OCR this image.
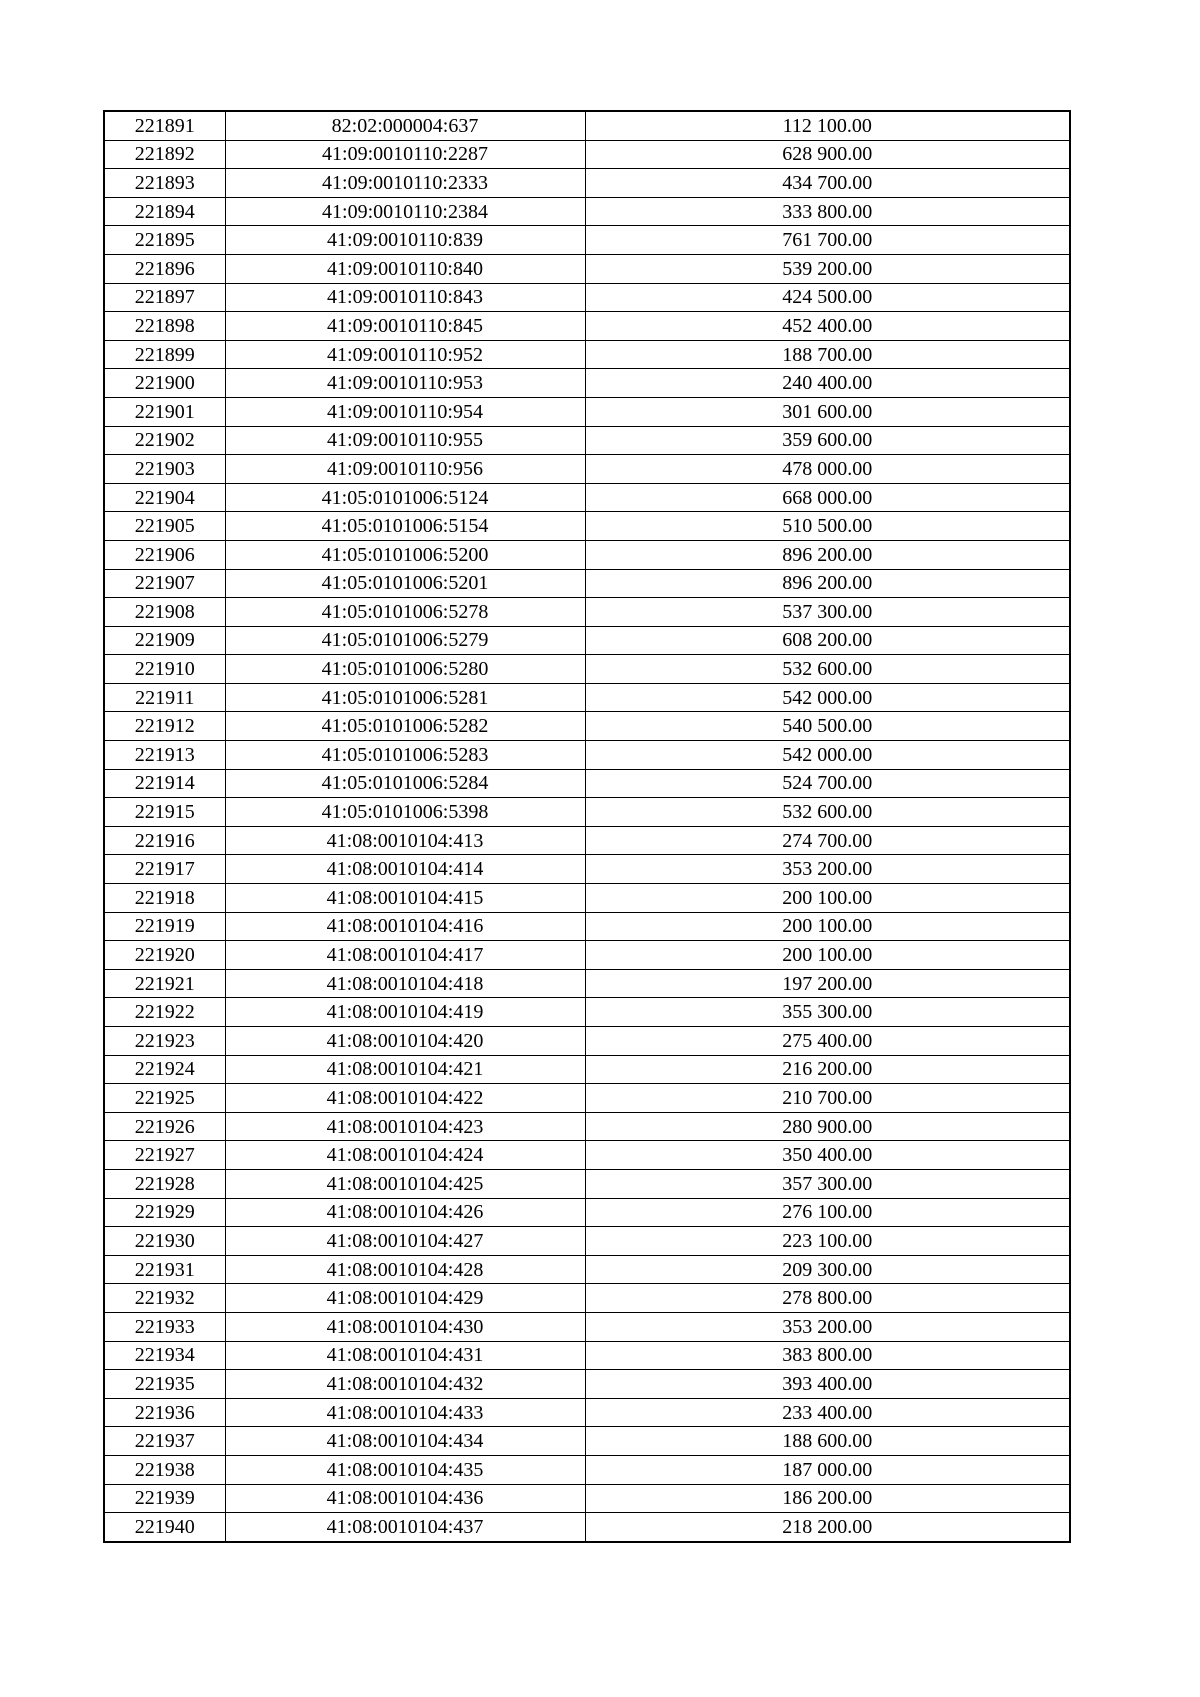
221891	82:02:000004:637	112 100.00
221892	41:09:0010110:2287	628 900.00
221893	41:09:0010110:2333	434 700.00
221894	41:09:0010110:2384	333 800.00
221895	41:09:0010110:839	761 700.00
221896	41:09:0010110:840	539 200.00
221897	41:09:0010110:843	424 500.00
221898	41:09:0010110:845	452 400.00
221899	41:09:0010110:952	188 700.00
221900	41:09:0010110:953	240 400.00
221901	41:09:0010110:954	301 600.00
221902	41:09:0010110:955	359 600.00
221903	41:09:0010110:956	478 000.00
221904	41:05:0101006:5124	668 000.00
221905	41:05:0101006:5154	510 500.00
221906	41:05:0101006:5200	896 200.00
221907	41:05:0101006:5201	896 200.00
221908	41:05:0101006:5278	537 300.00
221909	41:05:0101006:5279	608 200.00
221910	41:05:0101006:5280	532 600.00
221911	41:05:0101006:5281	542 000.00
221912	41:05:0101006:5282	540 500.00
221913	41:05:0101006:5283	542 000.00
221914	41:05:0101006:5284	524 700.00
221915	41:05:0101006:5398	532 600.00
221916	41:08:0010104:413	274 700.00
221917	41:08:0010104:414	353 200.00
221918	41:08:0010104:415	200 100.00
221919	41:08:0010104:416	200 100.00
221920	41:08:0010104:417	200 100.00
221921	41:08:0010104:418	197 200.00
221922	41:08:0010104:419	355 300.00
221923	41:08:0010104:420	275 400.00
221924	41:08:0010104:421	216 200.00
221925	41:08:0010104:422	210 700.00
221926	41:08:0010104:423	280 900.00
221927	41:08:0010104:424	350 400.00
221928	41:08:0010104:425	357 300.00
221929	41:08:0010104:426	276 100.00
221930	41:08:0010104:427	223 100.00
221931	41:08:0010104:428	209 300.00
221932	41:08:0010104:429	278 800.00
221933	41:08:0010104:430	353 200.00
221934	41:08:0010104:431	383 800.00
221935	41:08:0010104:432	393 400.00
221936	41:08:0010104:433	233 400.00
221937	41:08:0010104:434	188 600.00
221938	41:08:0010104:435	187 000.00
221939	41:08:0010104:436	186 200.00
221940	41:08:0010104:437	218 200.00
